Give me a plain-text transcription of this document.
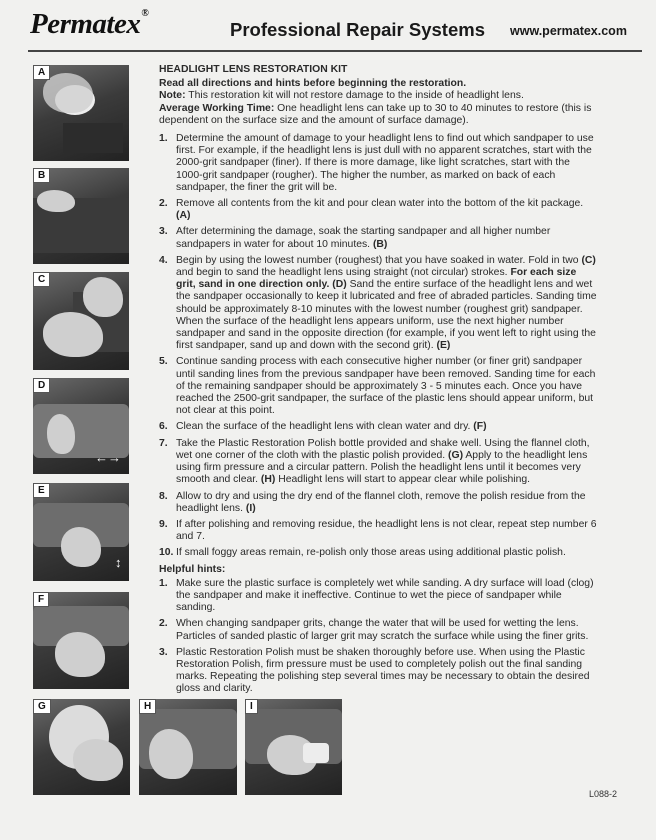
Permatex®
Professional Repair Systems www.permatex.com
A
B
C
←→
D
↕
E
F
G	H	I

HEADLIGHT LENS RESTORATION KIT

Read all directions and hints before beginning the restoration.

Note: This restoration kit will not restore damage to the inside of headlight lens.

Average Working Time: One headlight lens can take up to 30 to 40 minutes to restore (this is dependent on the surface size and the amount of surface damage).

1. Determine the amount of damage to your headlight lens to find out which sandpaper to use first. For example, if the headlight lens is just dull with no apparent scratches, start with the 2000-grit sandpaper (finer). If there is more damage, like light scratches, start with the 1000-grit sandpaper (rougher). The higher the number, as marked on back of each sandpaper, the finer the grit will be.
2. Remove all contents from the kit and pour clean water into the bottom of the kit package. (A)
3. After determining the damage, soak the starting sandpaper and all higher number sandpapers in water for about 10 minutes. (B)
4. Begin by using the lowest number (roughest) that you have soaked in water. Fold in two (C) and begin to sand the headlight lens using straight (not circular) strokes. For each size grit, sand in one direction only. (D) Sand the entire surface of the headlight lens and wet the sandpaper occasionally to keep it lubricated and free of abraded particles. Sanding time should be approximately 8-10 minutes with the lowest number (roughest grit) sandpaper. When the surface of the headlight lens appears uniform, use the next higher number sandpaper and sand in the opposite direction (for example, if you went left to right using the first sandpaper, sand up and down with the second grit). (E)
5. Continue sanding process with each consecutive higher number (or finer grit) sandpaper until sanding lines from the previous sandpaper have been removed. Sanding time for each of the remaining sandpaper should be approximately 3 - 5 minutes each. Once you have reached the 2500-grit sandpaper, the surface of the plastic lens should appear uniform, but not clear at this point.
6. Clean the surface of the headlight lens with clean water and dry. (F)
7. Take the Plastic Restoration Polish bottle provided and shake well. Using the flannel cloth, wet one corner of the cloth with the plastic polish provided. (G) Apply to the headlight lens using firm pressure and a circular pattern. Polish the headlight lens until it becomes very smooth and clear. (H) Headlight lens will start to appear clear while polishing.
8. Allow to dry and using the dry end of the flannel cloth, remove the polish residue from the headlight lens. (I)
9. If after polishing and removing residue, the headlight lens is not clear, repeat step number 6 and 7.
10. If small foggy areas remain, re-polish only those areas using additional plastic polish.

Helpful hints:

1. Make sure the plastic surface is completely wet while sanding. A dry surface will load (clog) the sandpaper and make it ineffective. Continue to wet the piece of sandpaper while sanding.
2. When changing sandpaper grits, change the water that will be used for wetting the lens. Particles of sanded plastic of larger grit may scratch the surface while using the finer grits.
3. Plastic Restoration Polish must be shaken thoroughly before use. When using the Plastic Restoration Polish, firm pressure must be used to completely polish out the final sanding marks. Repeating the polishing step several times may be necessary to obtain the desired gloss and clarity.
L088-2
